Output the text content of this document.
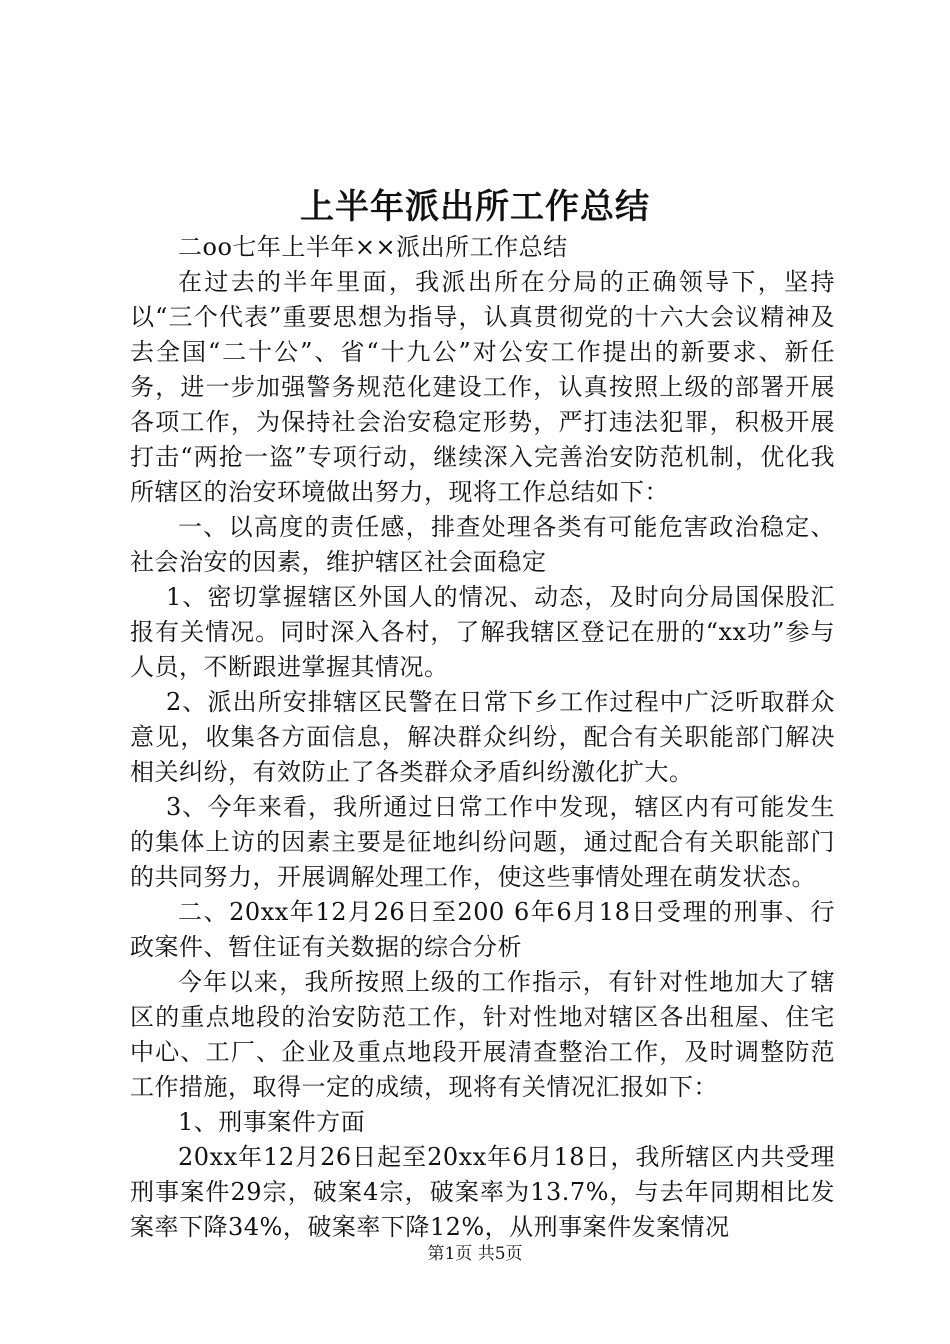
上半年派出所工作总结

二oo七年上半年××派出所工作总结

在过去的半年里面，我派出所在分局的正确领导下，坚持以“三个代表”重要思想为指导，认真贯彻党的十六大会议精神及去全国“二十公”、省“十九公”对公安工作提出的新要求、新任务，进一步加强警务规范化建设工作，认真按照上级的部署开展各项工作，为保持社会治安稳定形势，严打违法犯罪，积极开展打击“两抢一盗”专项行动，继续深入完善治安防范机制，优化我所辖区的治安环境做出努力，现将工作总结如下：

一、以高度的责任感，排查处理各类有可能危害政治稳定、社会治安的因素，维护辖区社会面稳定

1、密切掌握辖区外国人的情况、动态，及时向分局国保股汇报有关情况。同时深入各村，了解我辖区登记在册的“xx功”参与人员，不断跟进掌握其情况。

2、派出所安排辖区民警在日常下乡工作过程中广泛听取群众意见，收集各方面信息，解决群众纠纷，配合有关职能部门解决相关纠纷，有效防止了各类群众矛盾纠纷激化扩大。

3、今年来看，我所通过日常工作中发现，辖区内有可能发生的集体上访的因素主要是征地纠纷问题，通过配合有关职能部门的共同努力，开展调解处理工作，使这些事情处理在萌发状态。

二、20xx年12月26日至200 6年6月18日受理的刑事、行政案件、暂住证有关数据的综合分析

今年以来，我所按照上级的工作指示，有针对性地加大了辖区的重点地段的治安防范工作，针对性地对辖区各出租屋、住宅中心、工厂、企业及重点地段开展清查整治工作，及时调整防范工作措施，取得一定的成绩，现将有关情况汇报如下：

1、刑事案件方面

20xx年12月26日起至20xx年6月18日，我所辖区内共受理刑事案件29宗，破案4宗，破案率为13.7%，与去年同期相比发案率下降34%，破案率下降12%，从刑事案件发案情况

第1页 共5页
